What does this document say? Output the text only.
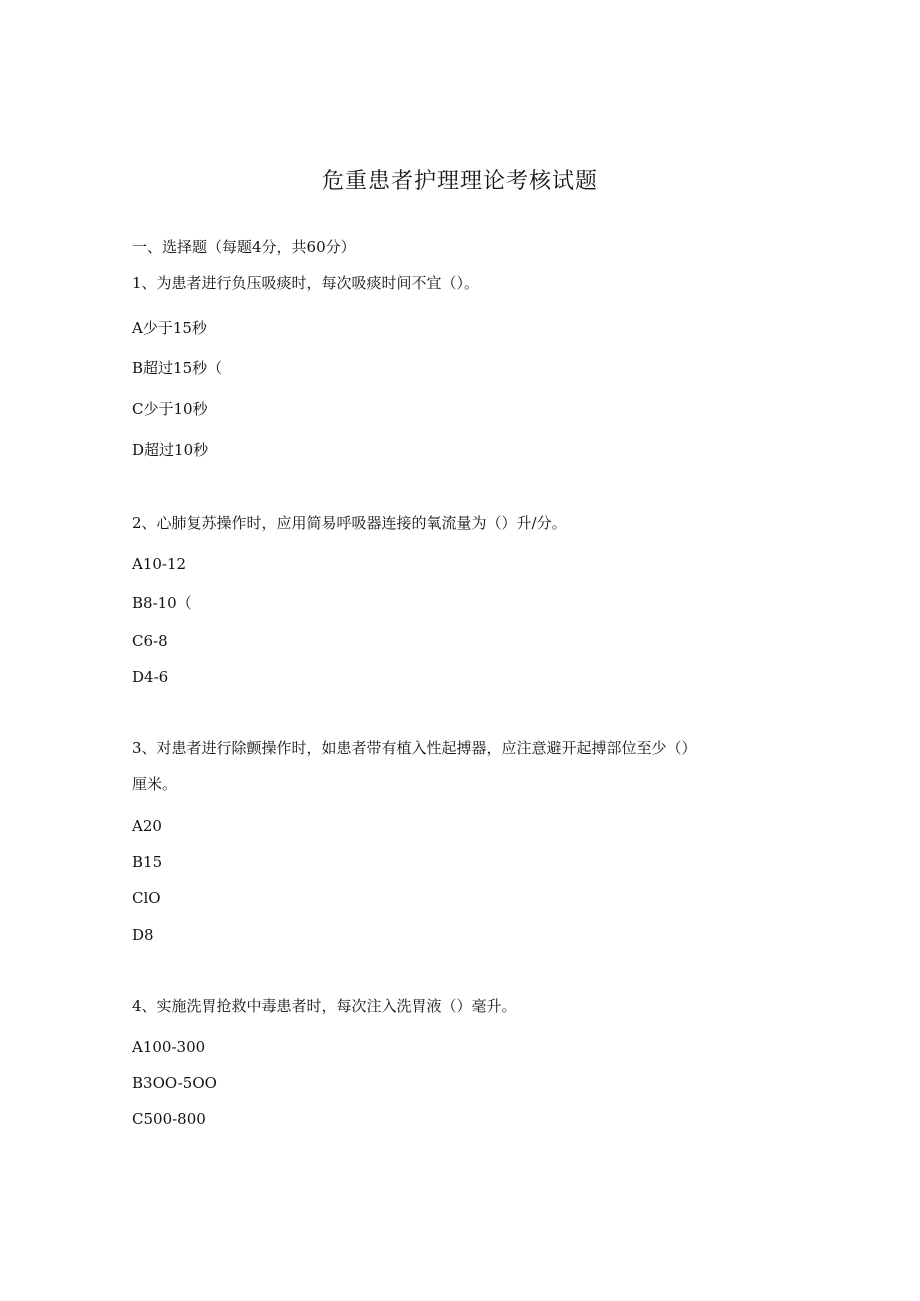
危重患者护理理论考核试题
一、选择题（每题4分，共60分）
1、为患者进行负压吸痰时，每次吸痰时间不宜（）。
A少于15秒
B超过15秒（
C少于10秒
D超过10秒
2、心肺复苏操作时，应用简易呼吸器连接的氧流量为（）升/分。
A10-12
B8-10（
C6-8
D4-6
3、对患者进行除颤操作时，如患者带有植入性起搏器，应注意避开起搏部位至少（）
厘米。
A20
B15
ClO
D8
4、实施洗胃抢救中毒患者时，每次注入洗胃液（）毫升。
A100-300
B3OO-5OO
C500-800
